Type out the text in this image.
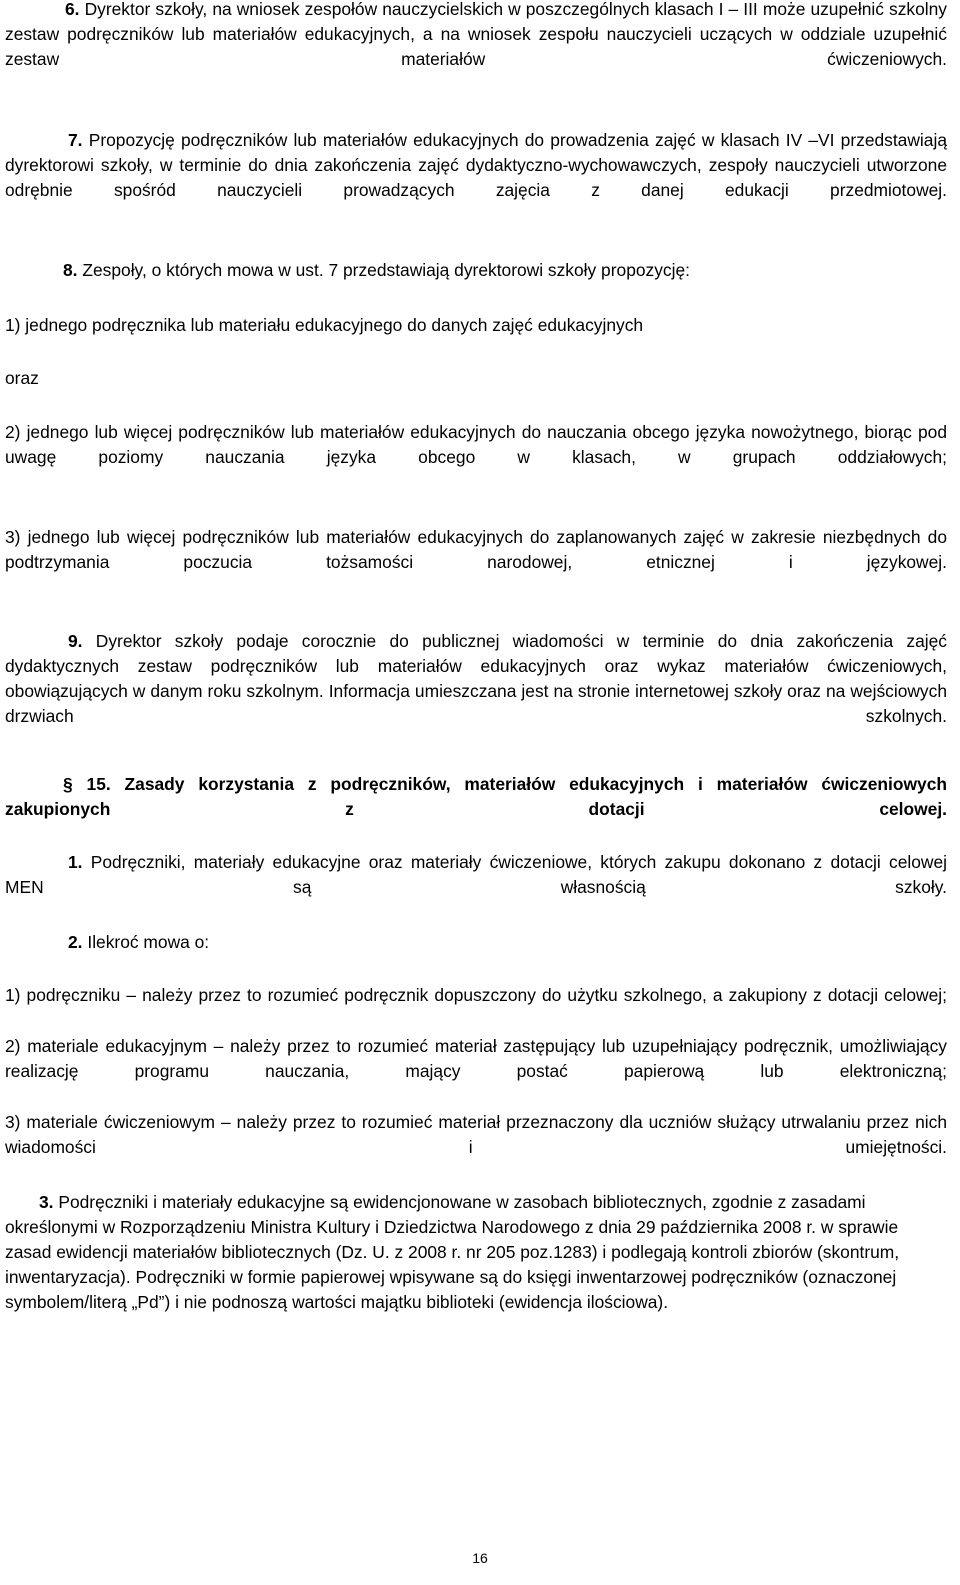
6. Dyrektor szkoły, na wniosek zespołów nauczycielskich w poszczególnych klasach I – III może uzupełnić szkolny zestaw podręczników lub materiałów edukacyjnych, a na wniosek zespołu nauczycieli uczących w oddziale uzupełnić zestaw materiałów ćwiczeniowych.

7. Propozycję podręczników lub materiałów edukacyjnych do prowadzenia zajęć w klasach IV –VI przedstawiają dyrektorowi szkoły, w terminie do dnia zakończenia zajęć dydaktyczno-wychowawczych, zespoły nauczycieli utworzone odrębnie spośród nauczycieli prowadzących zajęcia z danej edukacji przedmiotowej.

8. Zespoły, o których mowa w ust. 7 przedstawiają dyrektorowi szkoły propozycję:

1) jednego podręcznika lub materiału edukacyjnego do danych zajęć edukacyjnych

oraz

2) jednego lub więcej podręczników lub materiałów edukacyjnych do nauczania obcego języka nowożytnego, biorąc pod uwagę poziomy nauczania języka obcego w klasach, w grupach oddziałowych;

3) jednego lub więcej podręczników lub materiałów edukacyjnych do zaplanowanych zajęć w zakresie niezbędnych do podtrzymania poczucia tożsamości narodowej, etnicznej i językowej.

9. Dyrektor szkoły podaje corocznie do publicznej wiadomości w terminie do dnia zakończenia zajęć dydaktycznych zestaw podręczników lub materiałów edukacyjnych oraz wykaz materiałów ćwiczeniowych, obowiązujących w danym roku szkolnym. Informacja umieszczana jest na stronie internetowej szkoły oraz na wejściowych drzwiach szkolnych.

§ 15. Zasady korzystania z podręczników, materiałów edukacyjnych i materiałów ćwiczeniowych zakupionych z dotacji celowej.

1. Podręczniki, materiały edukacyjne oraz materiały ćwiczeniowe, których zakupu dokonano z dotacji celowej MEN są własnością szkoły.

2. Ilekroć mowa o:

1) podręczniku – należy przez to rozumieć podręcznik dopuszczony do użytku szkolnego, a zakupiony z dotacji celowej;

2) materiale edukacyjnym – należy przez to rozumieć materiał zastępujący lub uzupełniający podręcznik, umożliwiający realizację programu nauczania, mający postać papierową lub elektroniczną;

3) materiale ćwiczeniowym – należy przez to rozumieć materiał przeznaczony dla uczniów służący utrwalaniu przez nich wiadomości i umiejętności.

3. Podręczniki i materiały edukacyjne są ewidencjonowane w zasobach bibliotecznych, zgodnie z zasadami określonymi w Rozporządzeniu Ministra Kultury i Dziedzictwa Narodowego z dnia 29 października 2008 r. w sprawie zasad ewidencji materiałów bibliotecznych (Dz. U. z 2008 r. nr 205 poz.1283) i podlegają kontroli zbiorów (skontrum, inwentaryzacja). Podręczniki w formie papierowej wpisywane są do księgi inwentarzowej podręczników (oznaczonej symbolem/literą „Pd”) i nie podnoszą wartości majątku biblioteki (ewidencja ilościowa).

16
